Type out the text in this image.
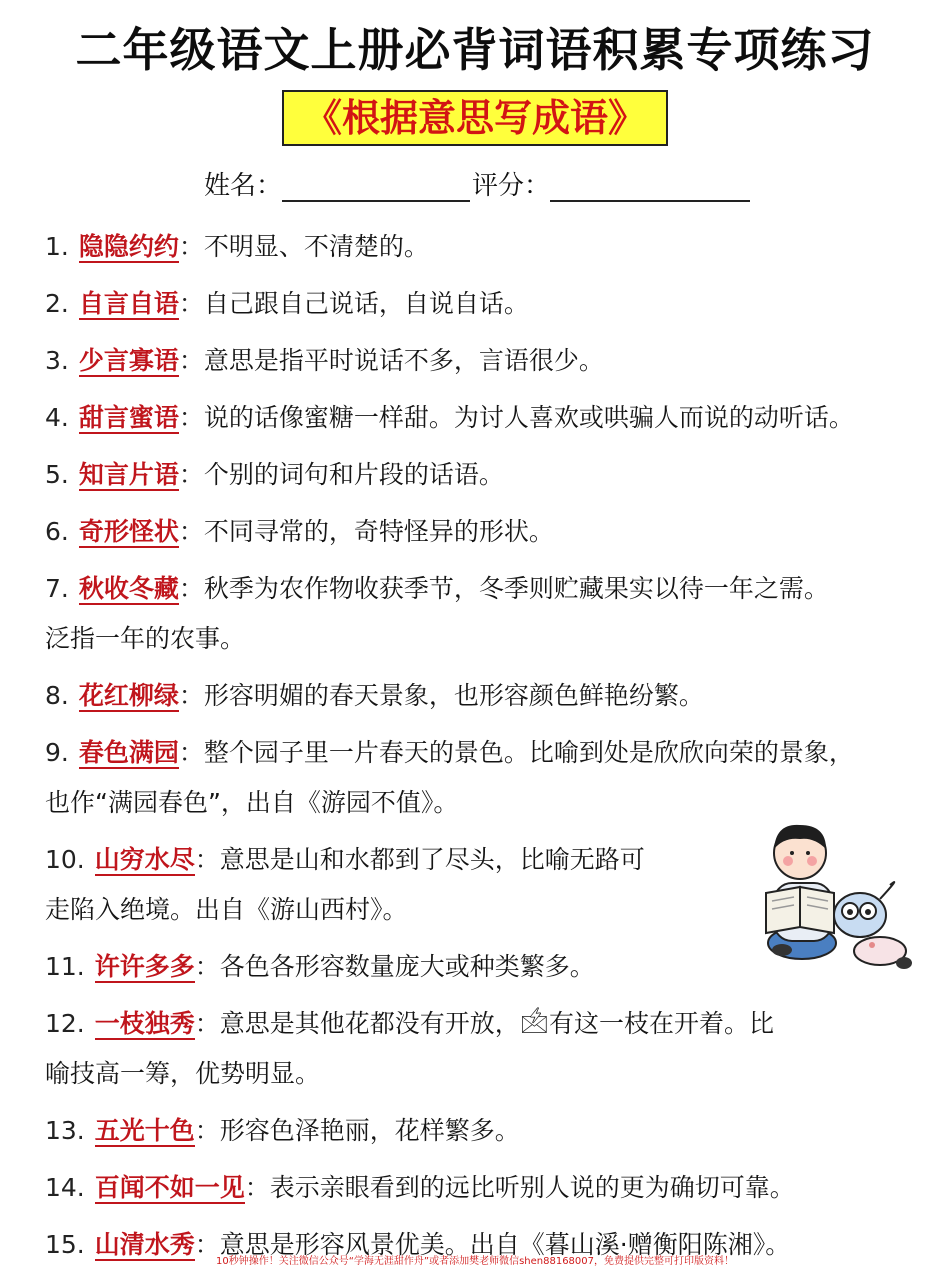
二年级语文上册必背词语积累专项练习
《根据意思写成语》
姓名：	评分：
1. 隐隐约约：不明显、不清楚的。
2. 自言自语：自己跟自己说话，自说自话。
3. 少言寡语：意思是指平时说话不多，言语很少。
4. 甜言蜜语：说的话像蜜糖一样甜。为讨人喜欢或哄骗人而说的动听话。
5. 知言片语：个别的词句和片段的话语。
6. 奇形怪状：不同寻常的，奇特怪异的形状。
7. 秋收冬藏：秋季为农作物收获季节，冬季则贮藏果实以待一年之需。
泛指一年的农事。
8. 花红柳绿：形容明媚的春天景象，也形容颜色鲜艳纷繁。
9. 春色满园：整个园子里一片春天的景色。比喻到处是欣欣向荣的景象，
也作“满园春色”，出自《游园不值》。
10. 山穷水尽：意思是山和水都到了尽头，比喻无路可
走陷入绝境。出自《游山西村》。
11. 许许多多：各色各形容数量庞大或种类繁多。
12. 一枝独秀：意思是其他花都没有开放，🖄有这一枝在开着。比
喻技高一筹，优势明显。
13. 五光十色：形容色泽艳丽，花样繁多。
14. 百闻不如一见：表示亲眼看到的远比听别人说的更为确切可靠。
15. 山清水秀：意思是形容风景优美。出自《暮山溪·赠衡阳陈湘》。
10秒钟操作！关注微信公众号“学海无涯甜作舟”或者添加樊老师微信shen88168007，免费提供完整可打印版资料！
